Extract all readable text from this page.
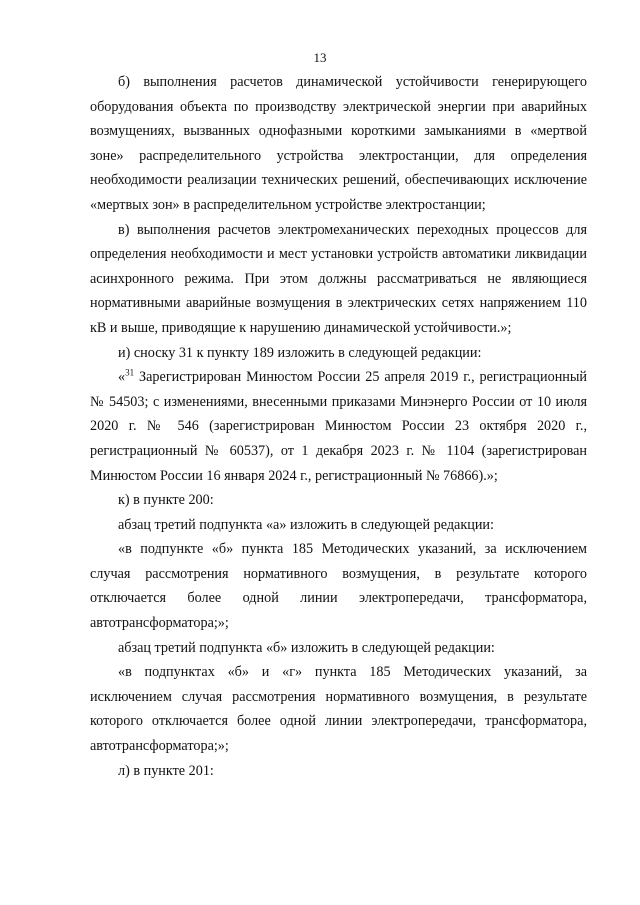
13

б) выполнения расчетов динамической устойчивости генерирующего оборудования объекта по производству электрической энергии при аварийных возмущениях, вызванных однофазными короткими замыканиями в «мертвой зоне» распределительного устройства электростанции, для определения необходимости реализации технических решений, обеспечивающих исключение «мертвых зон» в распределительном устройстве электростанции;

в) выполнения расчетов электромеханических переходных процессов для определения необходимости и мест установки устройств автоматики ликвидации асинхронного режима. При этом должны рассматриваться не являющиеся нормативными аварийные возмущения в электрических сетях напряжением 110 кВ и выше, приводящие к нарушению динамической устойчивости.»;

и) сноску 31 к пункту 189 изложить в следующей редакции:

«$^{31}$ Зарегистрирован Минюстом России 25 апреля 2019 г., регистрационный № 54503; с изменениями, внесенными приказами Минэнерго России от 10 июля 2020 г. № 546 (зарегистрирован Минюстом России 23 октября 2020 г., регистрационный № 60537), от 1 декабря 2023 г. № 1104 (зарегистрирован Минюстом России 16 января 2024 г., регистрационный № 76866).»;

к) в пункте 200:

абзац третий подпункта «а» изложить в следующей редакции:

«в подпункте «б» пункта 185 Методических указаний, за исключением случая рассмотрения нормативного возмущения, в результате которого отключается более одной линии электропередачи, трансформатора, автотрансформатора;»;

абзац третий подпункта «б» изложить в следующей редакции:

«в подпунктах «б» и «г» пункта 185 Методических указаний, за исключением случая рассмотрения нормативного возмущения, в результате которого отключается более одной линии электропередачи, трансформатора, автотрансформатора;»;

л) в пункте 201:
